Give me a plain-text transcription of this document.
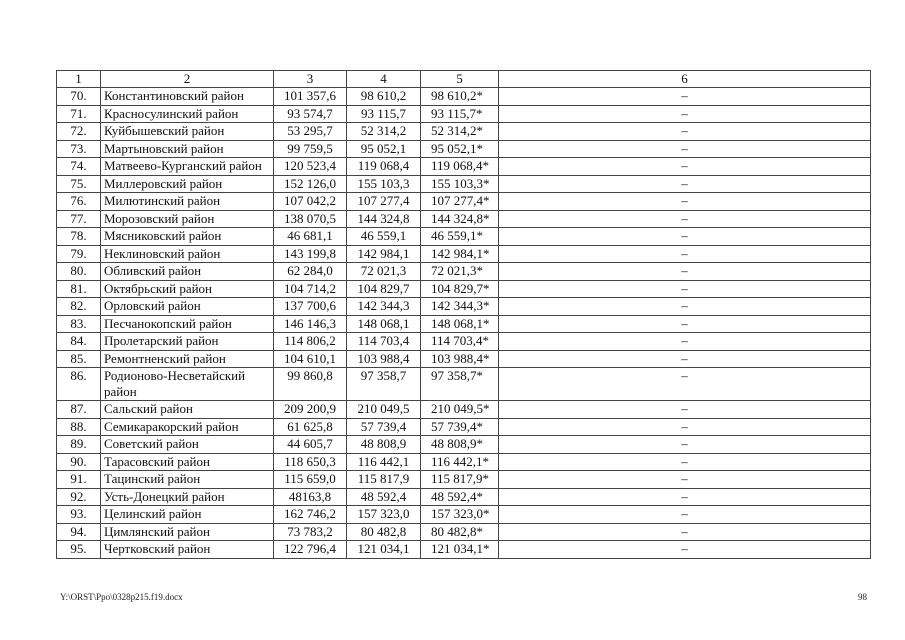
1	2	3	4	5	6
70.	Константиновский район	101 357,6	98 610,2	98 610,2*	–
71.	Красносулинский район	93 574,7	93 115,7	93 115,7*	–
72.	Куйбышевский район	53 295,7	52 314,2	52 314,2*	–
73.	Мартыновский район	99 759,5	95 052,1	95 052,1*	–
74.	Матвеево-Курганский район	120 523,4	119 068,4	119 068,4*	–
75.	Миллеровский район	152 126,0	155 103,3	155 103,3*	–
76.	Милютинский район	107 042,2	107 277,4	107 277,4*	–
77.	Морозовский район	138 070,5	144 324,8	144 324,8*	–
78.	Мясниковский район	46 681,1	46 559,1	46 559,1*	–
79.	Неклиновский район	143 199,8	142 984,1	142 984,1*	–
80.	Обливский район	62 284,0	72 021,3	72 021,3*	–
81.	Октябрьский район	104 714,2	104 829,7	104 829,7*	–
82.	Орловский район	137 700,6	142 344,3	142 344,3*	–
83.	Песчанокопский район	146 146,3	148 068,1	148 068,1*	–
84.	Пролетарский район	114 806,2	114 703,4	114 703,4*	–
85.	Ремонтненский район	104 610,1	103 988,4	103 988,4*	–
86.	Родионово-Несветайский район	99 860,8	97 358,7	97 358,7*	–
87.	Сальский район	209 200,9	210 049,5	210 049,5*	–
88.	Семикаракорский район	61 625,8	57 739,4	57 739,4*	–
89.	Советский район	44 605,7	48 808,9	48 808,9*	–
90.	Тарасовский район	118 650,3	116 442,1	116 442,1*	–
91.	Тацинский район	115 659,0	115 817,9	115 817,9*	–
92.	Усть-Донецкий район	48163,8	48 592,4	48 592,4*	–
93.	Целинский район	162 746,2	157 323,0	157 323,0*	–
94.	Цимлянский район	73 783,2	80 482,8	80 482,8*	–
95.	Чертковский район	122 796,4	121 034,1	121 034,1*	–
Y:\ORST\Ppo\0328p215.f19.docx	98
